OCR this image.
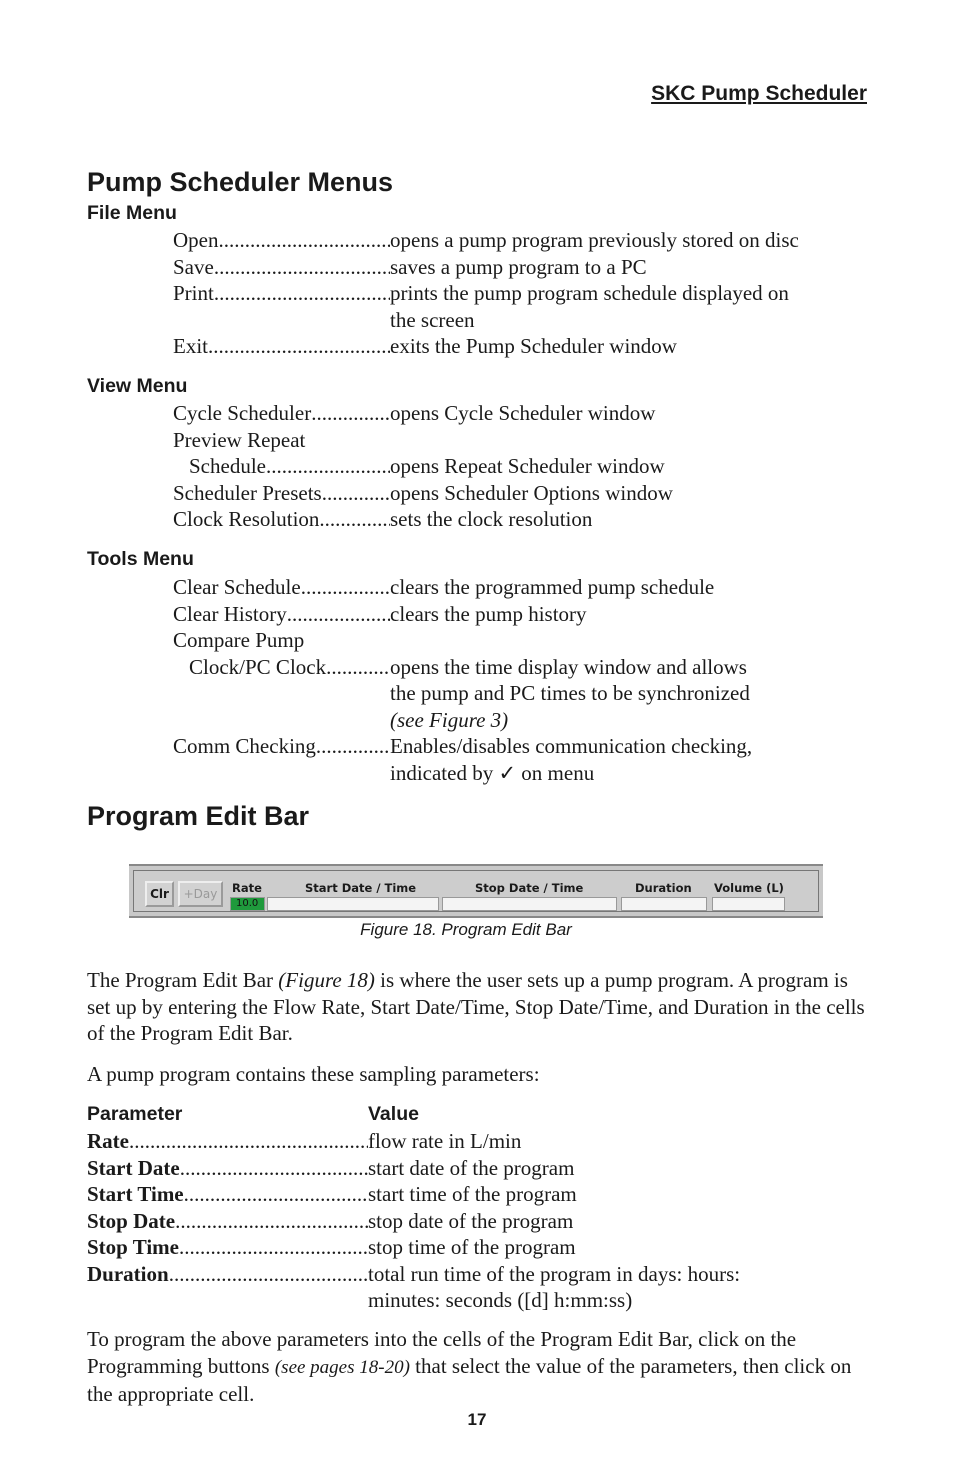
SKC Pump Scheduler
Pump Scheduler Menus
File Menu
Open .....	opens a pump program previously stored on disc
Save .....	saves a pump program to a PC
Print .....	prints the pump program schedule displayed on
the screen
Exit .....	exits the Pump Scheduler window
View Menu
Cycle Scheduler .....	opens Cycle Scheduler window
Preview Repeat
Schedule .....	opens Repeat Scheduler window
Scheduler Presets .....	opens Scheduler Options window
Clock Resolution .....	sets the clock resolution
Tools Menu
Clear Schedule .....	clears the programmed pump schedule
Clear History .....	clears the pump history
Compare Pump
Clock/PC Clock .....	opens the time display window and allows
the pump and PC times to be synchronized
(see Figure 3)
Comm Checking .....	Enables/disables communication checking,
indicated by ✓ on menu
Program Edit Bar
Clr	+Day	Rate	Start Date / Time	Stop Date / Time	Duration Volume (L)
10.0
Figure 18. Program Edit Bar

The Program Edit Bar (Figure 18) is where the user sets up a pump program. A program is set up by entering the Flow Rate, Start Date/Time, Stop Date/Time, and Duration in the cells of the Program Edit Bar.

A pump program contains these sampling parameters:

Parameter	Value
Rate .....	flow rate in L/min
Start Date .....	start date of the program
Start Time .....	start time of the program
Stop Date .....	stop date of the program
Stop Time .....	stop time of the program
Duration .....	total run time of the program in days: hours:
minutes: seconds ([d] h:mm:ss)

To program the above parameters into the cells of the Program Edit Bar, click on the Programming buttons (see pages 18-20) that select the value of the parameters, then click on the appropriate cell.

17
